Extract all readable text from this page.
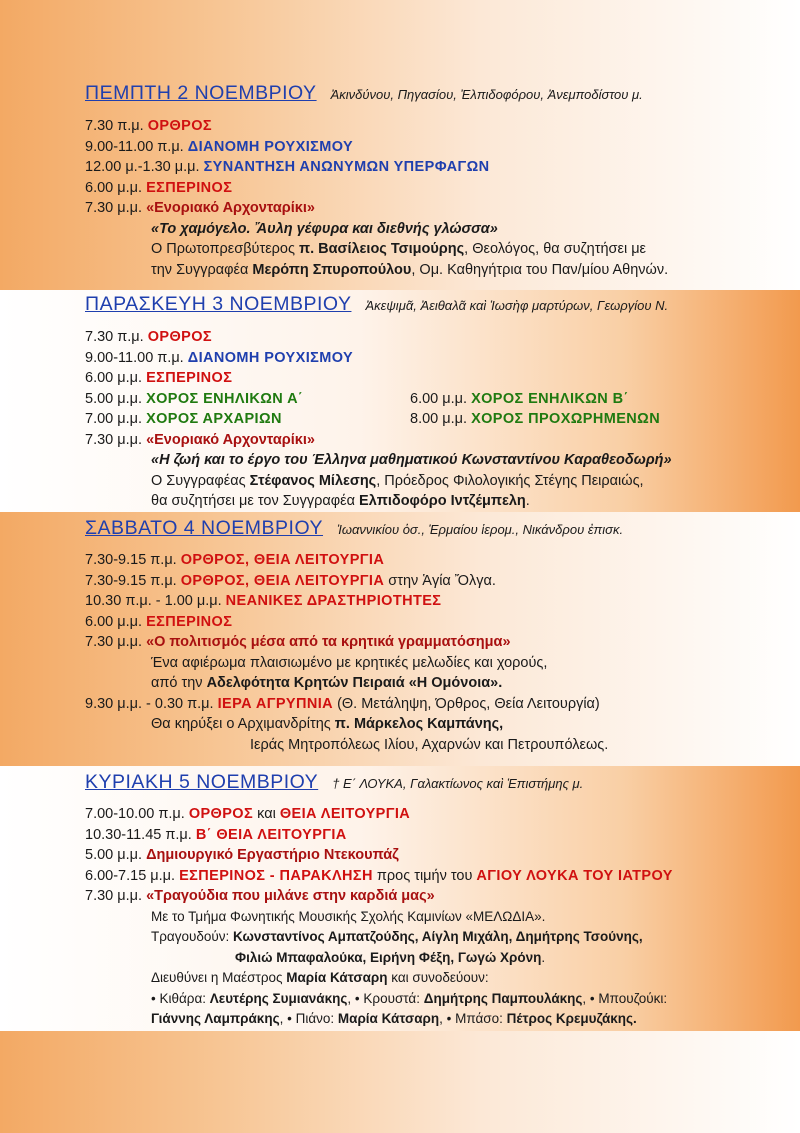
ΠΕΜΠΤΗ 2 ΝΟΕΜΒΡΙΟΥ Ἀκινδύνου, Πηγασίου, Ἐλπιδοφόρου, Ἀνεμποδίστου μ.
7.30 π.μ. ΟΡΘΡΟΣ
9.00-11.00 π.μ. ΔΙΑΝΟΜΗ ΡΟΥΧΙΣΜΟΥ
12.00 μ.-1.30 μ.μ. ΣΥΝΑΝΤΗΣΗ ΑΝΩΝΥΜΩΝ ΥΠΕΡΦΑΓΩΝ
6.00 μ.μ. ΕΣΠΕΡΙΝΟΣ
7.30 μ.μ. «Ενοριακό Αρχονταρίκι»
«Το χαμόγελο. Ἄυλη γέφυρα και διεθνής γλώσσα»
Ο Πρωτοπρεσβύτερος π. Βασίλειος Τσιμούρης, Θεολόγος, θα συζητήσει με
την Συγγραφέα Μερόπη Σπυροπούλου, Ομ. Καθηγήτρια του Παν/μίου Αθηνών.
ΠΑΡΑΣΚΕΥΗ 3 ΝΟΕΜΒΡΙΟΥ Ἀκεψιμᾶ, Ἀειθαλᾶ καὶ Ἰωσὴφ μαρτύρων, Γεωργίου Ν.
7.30 π.μ. ΟΡΘΡΟΣ
9.00-11.00 π.μ. ΔΙΑΝΟΜΗ ΡΟΥΧΙΣΜΟΥ
6.00 μ.μ. ΕΣΠΕΡΙΝΟΣ
5.00 μ.μ. ΧΟΡΟΣ ΕΝΗΛΙΚΩΝ Α΄	6.00 μ.μ. ΧΟΡΟΣ ΕΝΗΛΙΚΩΝ Β΄
7.00 μ.μ. ΧΟΡΟΣ ΑΡΧΑΡΙΩΝ	8.00 μ.μ. ΧΟΡΟΣ ΠΡΟΧΩΡΗΜΕΝΩΝ
7.30 μ.μ. «Ενοριακό Αρχονταρίκι»
«Η ζωή και το έργο του Έλληνα μαθηματικού Κωνσταντίνου Καραθεοδωρή»
Ο Συγγραφέας Στέφανος Μίλεσης, Πρόεδρος Φιλολογικής Στέγης Πειραιώς,
θα συζητήσει με τον Συγγραφέα Ελπιδοφόρο Ιντζέμπελη.
ΣΑΒΒΑΤΟ 4 ΝΟΕΜΒΡΙΟΥ Ἰωαννικίου ὁσ., Ἑρμαίου ἱερομ., Νικάνδρου ἐπισκ.
7.30-9.15 π.μ. ΟΡΘΡΟΣ, ΘΕΙΑ ΛΕΙΤΟΥΡΓΙΑ
7.30-9.15 π.μ. ΟΡΘΡΟΣ, ΘΕΙΑ ΛΕΙΤΟΥΡΓΙΑ στην Ἁγία Ὄλγα.
10.30 π.μ. - 1.00 μ.μ. ΝΕΑΝΙΚΕΣ ΔΡΑΣΤΗΡΙΟΤΗΤΕΣ
6.00 μ.μ. ΕΣΠΕΡΙΝΟΣ
7.30 μ.μ. «Ο πολιτισμός μέσα από τα κρητικά γραμματόσημα»
Ένα αφιέρωμα πλαισιωμένο με κρητικές μελωδίες και χορούς,
από την Αδελφότητα Κρητών Πειραιά «Η Ομόνοια».
9.30 μ.μ. - 0.30 π.μ. ΙΕΡΑ ΑΓΡΥΠΝΙΑ (Θ. Μετάληψη, Όρθρος, Θεία Λειτουργία)
Θα κηρύξει ο Αρχιμανδρίτης π. Μάρκελος Καμπάνης,
Ιεράς Μητροπόλεως Ιλίου, Αχαρνών και Πετρουπόλεως.
ΚΥΡΙΑΚΗ 5 ΝΟΕΜΒΡΙΟΥ † Ε΄ ΛΟΥΚΑ, Γαλακτίωνος καὶ Ἐπιστήμης μ.
7.00-10.00 π.μ. ΟΡΘΡΟΣ και ΘΕΙΑ ΛΕΙΤΟΥΡΓΙΑ
10.30-11.45 π.μ. Β΄ ΘΕΙΑ ΛΕΙΤΟΥΡΓΙΑ
5.00 μ.μ. Δημιουργικό Εργαστήριο Ντεκουπάζ
6.00-7.15 μ.μ. ΕΣΠΕΡΙΝΟΣ - ΠΑΡΑΚΛΗΣΗ προς τιμήν του ΑΓΙΟΥ ΛΟΥΚΑ ΤΟΥ ΙΑΤΡΟΥ
7.30 μ.μ. «Τραγούδια που μιλάνε στην καρδιά μας»
Με το Τμήμα Φωνητικής Μουσικής Σχολής Καμινίων «ΜΕΛΩΔΙΑ».
Τραγουδούν: Κωνσταντίνος Αμπατζούδης, Αίγλη Μιχάλη, Δημήτρης Τσούνης,
Φιλιώ Μπαφαλούκα, Ειρήνη Φέξη, Γωγώ Χρόνη.
Διευθύνει η Μαέστρος Μαρία Κάτσαρη και συνοδεύουν:
• Κιθάρα: Λευτέρης Συμιανάκης, • Κρουστά: Δημήτρης Παμπουλάκης, • Μπουζούκι:
Γιάννης Λαμπράκης, • Πιάνο: Μαρία Κάτσαρη, • Μπάσο: Πέτρος Κρεμυζάκης.
